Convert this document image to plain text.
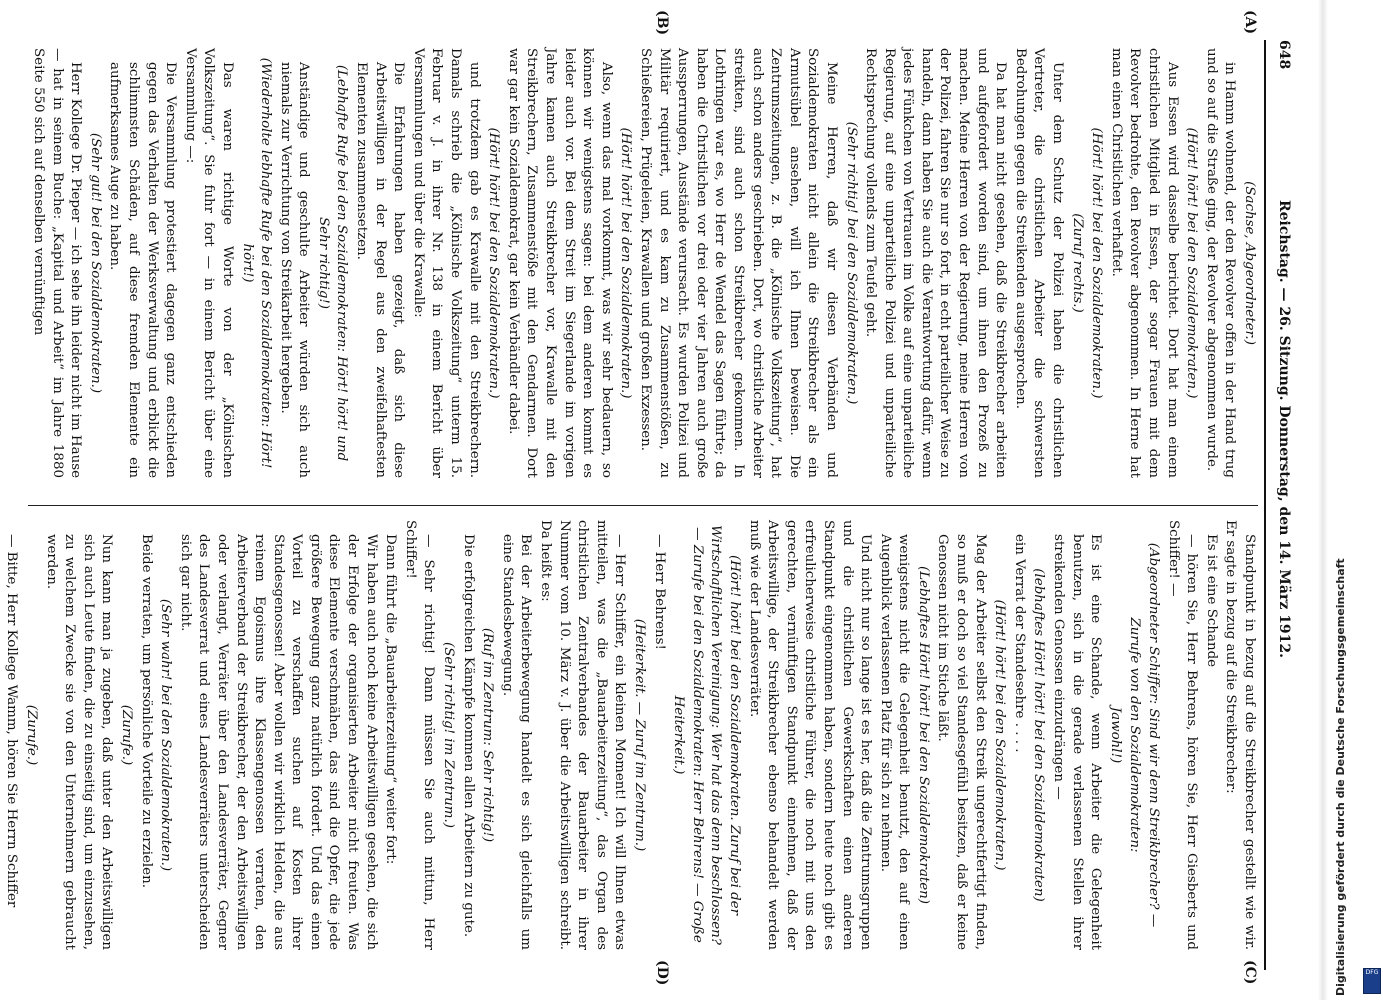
648
Reichstag. — 26. Sitzung. Donnerstag, den 14. März 1912.
(A)
(B)
(C)
(D)

(Sachse, Abgeordneter.)

in Hamm wohnend, der den Revolver offen in der Hand trug und so auf die Straße ging, der Revolver abgenommen wurde.

(Hört! hört! bei den Sozialdemokraten.)

Aus Essen wird dasselbe berichtet. Dort hat man einem christlichen Mitglied in Essen, der sogar Frauen mit dem Revolver bedrohte, den Revolver abgenommen. In Herne hat man einen Christlichen verhaftet.

(Hört! hört! bei den Sozialdemokraten.)

(Zuruf rechts.)

Unter dem Schutz der Polizei haben die christlichen Vertreter, die christlichen Arbeiter die schwersten Bedrohungen gegen die Streikenden ausgesprochen.

Da hat man nicht gesehen, daß die Streikbrecher arbeiten und aufgefordert worden sind, um ihnen den Prozeß zu machen. Meine Herren von der Regierung, meine Herren von der Polizei, fahren Sie nur so fort, in echt parteilicher Weise zu handeln, dann haben Sie auch die Verantwortung dafür, wenn jedes Fünkchen von Vertrauen im Volke auf eine unparteiliche Regierung, auf eine unparteiliche Polizei und unparteiliche Rechtsprechung vollends zum Teufel geht.

(Sehr richtig! bei den Sozialdemokraten.)

Meine Herren, daß wir diesen Verbänden und Sozialdemokraten nicht allein die Streikbrecher als ein Armutsübel ansehen, will ich Ihnen beweisen. Die Zentrumszeitungen, z. B. die „Kölnische Volkszeitung“, hat auch schon anders geschrieben. Dort, wo christliche Arbeiter streikten, sind auch schon Streikbrecher gekommen. In Lothringen war es, wo Herr de Wendel das Sagen führte; da haben die Christlichen vor drei oder vier Jahren auch große Aussperrungen, Ausstände verursacht. Es wurden Polizei und Militär requiriert, und es kam zu Zusammenstößen, zu Schießereien, Prügeleien, Krawallen und großen Exzessen.

(Hört! hört! bei den Sozialdemokraten.)

Also, wenn das mal vorkommt, was wir sehr bedauern, so können wir wenigstens sagen: bei dem anderen kommt es leider auch vor. Bei dem Streit im Siegerlande im vorigen Jahre kamen auch Streikbrecher vor, Krawalle mit den Streikbrechern, Zusammenstöße mit den Gendarmen. Dort war gar kein Sozialdemokrat, gar kein Verbändler dabei.

(Hört! hört! bei den Sozialdemokraten.)

und trotzdem gab es Krawalle mit den Streikbrechern. Damals schrieb die „Kölnische Volkszeitung“ unterm 15. Februar v. J. in ihrer Nr. 138 in einem Bericht über Versammlungen und über die Krawalle:

Die Erfahrungen haben gezeigt, daß sich diese Arbeitswilligen in der Regel aus den zweifelhaftesten Elementen zusammensetzen.

(Lebhafte Rufe bei den Sozialdemokraten: Hört! hört! und Sehr richtig!)

Anständige und geschulte Arbeiter würden sich auch niemals zur Verrichtung von Streikarbeit hergeben.

(Wiederholte lebhafte Rufe bei den Sozialdemokraten: Hört! hört!)

Das waren richtige Worte von der „Kölnischen Volkszeitung“. Sie fuhr fort — in einem Bericht über eine Versammlung —:

Die Versammlung protestiert dagegen ganz entschieden gegen das Verhalten der Werksverwaltung und erblickt die schlimmsten Schäden, auf diese fremden Elemente ein aufmerksames Auge zu haben.

(Sehr gut! bei den Sozialdemokraten.)

Herr Kollege Dr. Pieper — ich sehe ihn leider nicht im Hause — hat in seinem Buche: „Kapital und Arbeit“ im Jahre 1880 Seite 550 sich auf denselben vernünftigen

Standpunkt in bezug auf die Streikbrecher gestellt wie wir. Er sagte in bezug auf die Streikbrecher:

Es ist eine Schande

— hören Sie, Herr Behrens, hören Sie, Herr Giesberts und Schiffer! —

(Abgeordneter Schiffer: Sind wir denn Streikbrecher? — Zurufe von den Sozialdemokraten:

Jawohl!)

Es ist eine Schande, wenn Arbeiter die Gelegenheit benutzen, sich in die gerade verlassenen Stellen ihrer streikenden Genossen einzudrängen —

(lebhaftes Hört! hört! bei den Sozialdemokraten)

ein Verrat der Standesehre . . . .

(Hört! hört! bei den Sozialdemokraten.)

Mag der Arbeiter selbst den Streik ungerechtfertigt finden, so muß er doch so viel Standesgefühl besitzen, daß er keine Genossen nicht im Stiche läßt.

(Lebhaftes Hört! hört! bei den Sozialdemokraten)

wenigstens nicht die Gelegenheit benutzt, den auf einen Augenblick verlassenen Platz für sich zu nehmen.

Und nicht nur so lange ist es her, daß die Zentrumsgruppen und die christlichen Gewerkschaften einen anderen Standpunkt eingenommen haben, sondern heute noch gibt es erfreulicherweise christliche Führer, die noch mit uns den gerechten, vernünftigen Standpunkt einnehmen, daß der Arbeitswillige, der Streikbrecher ebenso behandelt werden muß wie der Landesverräter.

(Hört! hört! bei den Sozialdemokraten. Zuruf bei der Wirtschaftlichen Vereinigung: Wer hat das denn beschlossen? — Zurufe bei den Sozialdemokraten: Herr Behrens! — Große Heiterkeit.)

— Herr Behrens!

(Heiterkeit. — Zuruf im Zentrum.)

— Herr Schiffer, ein kleinen Moment! Ich will Ihnen etwas mitteilen, was die „Bauarbeiterzeitung“, das Organ des christlichen Zentralverbandes der Bauarbeiter in ihrer Nummer vom 10. März v. J. über die Arbeitswilligen schreibt. Da heißt es:

Bei der Arbeiterbewegung handelt es sich gleichfalls um eine Standesbewegung.

(Ruf im Zentrum: Sehr richtig!)

Die erfolgreichen Kämpfe kommen allen Arbeitern zu gute.

(Sehr richtig! im Zentrum.)

— Sehr richtig! Dann müssen Sie auch mittun, Herr Schiffer!

Dann führt die „Bauarbeiterzeitung“ weiter fort:

Wir haben auch noch keine Arbeitswilligen gesehen, die sich der Erfolge der organisierten Arbeiter nicht freuten. Was diese Elemente verschmähen, das sind die Opfer, die jede größere Bewegung ganz natürlich fordert. Und das einen Vorteil zu verschaffen suchen auf Kosten ihrer Standesgenossen! Aber wollen wir wirklich Helden, die aus reinem Egoismus ihre Klassengenossen verraten, den Arbeiterverband der Streikbrecher, der den Arbeitswilligen oder verlangt, Verräter über den Landesverräter, Gegner des Landesverrat und eines Landesverräters unterscheiden sich gar nicht.

(Sehr wahr! bei den Sozialdemokraten.)

Beide verraten, um persönliche Vorteile zu erzielen.

(Zurufe.)

Nun kann man ja zugeben, daß unter den Arbeitswilligen sich auch Leute finden, die zu einseitig sind, um einzusehen, zu welchem Zwecke sie von den Unternehmern gebraucht werden.

(Zurufe.)

— Bitte, Herr Kollege Wamm, hören Sie Herrn Schiffer	Digitalisierung gefördert durch die Deutsche Forschungsgemeinschaft	DFG
